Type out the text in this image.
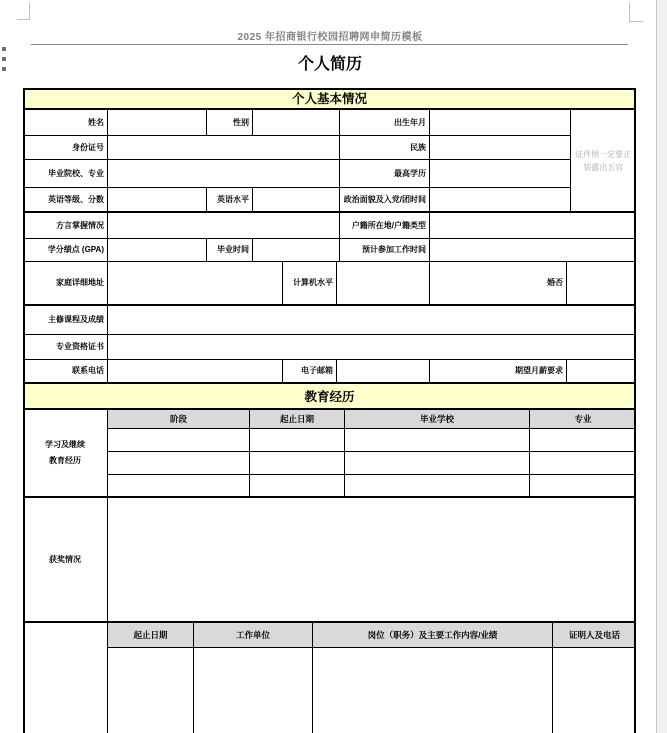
2025 年招商银行校园招聘网申简历模板
个人简历
证件照一定要正
装露出五官
个人基本情况
姓名	性别	出生年月
身份证号	民族
毕业院校、专业	最高学历
英语等级、分数	英语水平	政治面貌及入党/团时间
方言掌握情况	户籍所在地/户籍类型
学分绩点 (GPA)	毕业时间	预计参加工作时间
家庭详细地址	计算机水平	婚否
主修课程及成绩
专业资格证书
联系电话	电子邮箱	期望月薪要求
教育经历
学习及继续
教育经历
阶段	起止日期	毕业学校	专业
获奖情况
起止日期	工作单位	岗位（职务）及主要工作内容/业绩	证明人及电话
